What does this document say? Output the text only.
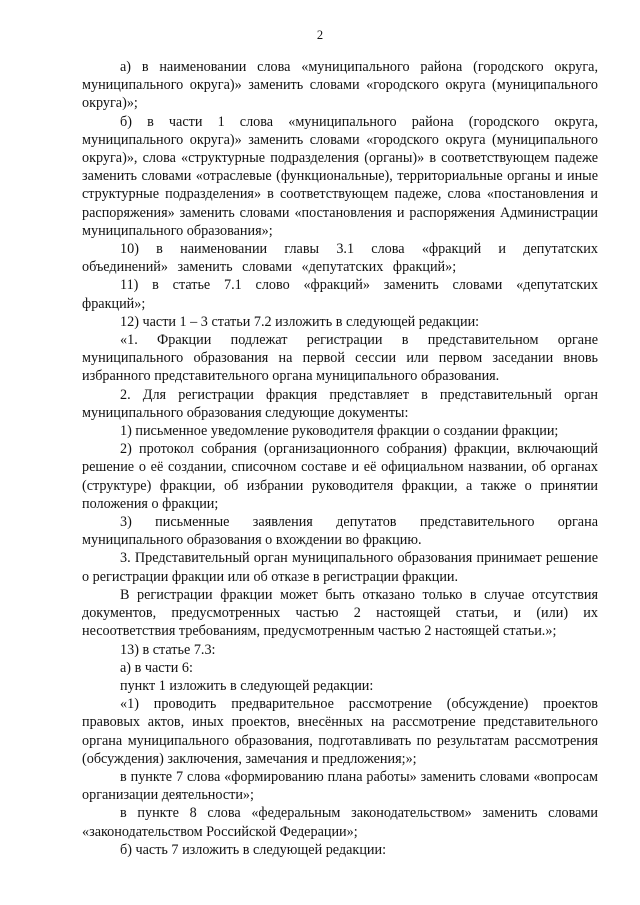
2

а) в наименовании слова «муниципального района (городского округа, муниципального округа)» заменить словами «городского округа (муниципального округа)»;

б) в части 1 слова «муниципального района (городского округа, муниципального округа)» заменить словами «городского округа (муниципального округа)», слова «структурные подразделения (органы)» в соответствующем падеже заменить словами «отраслевые (функциональные), территориальные органы и иные структурные подразделения» в соответствующем падеже, слова «постановления и распоряжения» заменить словами «постановления и распоряжения Администрации муниципального образования»;

10) в наименовании главы 3.1 слова «фракций и депутатских объединений» заменить словами «депутатских фракций»;

11) в статье 7.1 слово «фракций» заменить словами «депутатских фракций»;

12) части 1 – 3 статьи 7.2 изложить в следующей редакции:

«1. Фракции подлежат регистрации в представительном органе муниципального образования на первой сессии или первом заседании вновь избранного представительного органа муниципального образования.

2. Для регистрации фракция представляет в представительный орган муниципального образования следующие документы:

1) письменное уведомление руководителя фракции о создании фракции;

2) протокол собрания (организационного собрания) фракции, включающий решение о её создании, списочном составе и её официальном названии, об органах (структуре) фракции, об избрании руководителя фракции, а также о принятии положения о фракции;

3) письменные заявления депутатов представительного органа муниципального образования о вхождении во фракцию.

3. Представительный орган муниципального образования принимает решение о регистрации фракции или об отказе в регистрации фракции.

В регистрации фракции может быть отказано только в случае отсутствия документов, предусмотренных частью 2 настоящей статьи, и (или) их несоответствия требованиям, предусмотренным частью 2 настоящей статьи.»;

13) в статье 7.3:

а) в части 6:

пункт 1 изложить в следующей редакции:

«1) проводить предварительное рассмотрение (обсуждение) проектов правовых актов, иных проектов, внесённых на рассмотрение представительного органа муниципального образования, подготавливать по результатам рассмотрения (обсуждения) заключения, замечания и предложения;»;

в пункте 7 слова «формированию плана работы» заменить словами «вопросам организации деятельности»;

в пункте 8 слова «федеральным законодательством» заменить словами «законодательством Российской Федерации»;

б) часть 7 изложить в следующей редакции:
